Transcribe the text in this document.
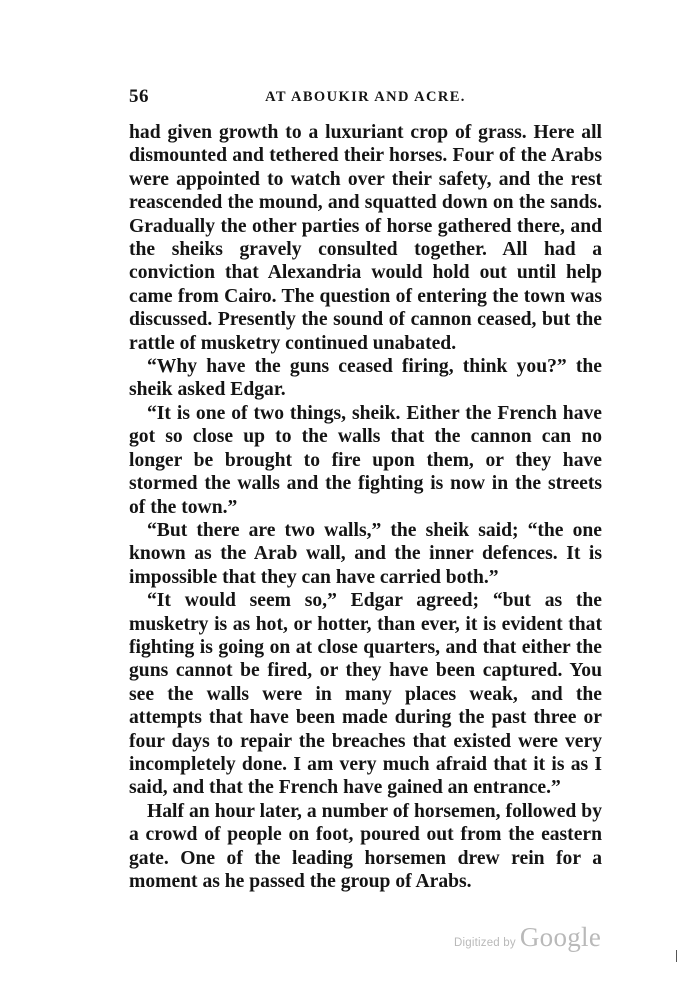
56	AT ABOUKIR AND ACRE.

had given growth to a luxuriant crop of grass. Here all dismounted and tethered their horses. Four of the Arabs were appointed to watch over their safety, and the rest reascended the mound, and squatted down on the sands. Gradually the other parties of horse gathered there, and the sheiks gravely consulted together. All had a conviction that Alexandria would hold out until help came from Cairo. The question of entering the town was discussed. Presently the sound of cannon ceased, but the rattle of musketry continued unabated.

“Why have the guns ceased firing, think you?” the sheik asked Edgar.

“It is one of two things, sheik. Either the French have got so close up to the walls that the cannon can no longer be brought to fire upon them, or they have stormed the walls and the fighting is now in the streets of the town.”

“But there are two walls,” the sheik said; “the one known as the Arab wall, and the inner defences. It is impossible that they can have carried both.”

“It would seem so,” Edgar agreed; “but as the musketry is as hot, or hotter, than ever, it is evident that fighting is going on at close quarters, and that either the guns cannot be fired, or they have been captured. You see the walls were in many places weak, and the attempts that have been made during the past three or four days to repair the breaches that existed were very incompletely done. I am very much afraid that it is as I said, and that the French have gained an entrance.”

Half an hour later, a number of horsemen, followed by a crowd of people on foot, poured out from the eastern gate. One of the leading horsemen drew rein for a moment as he passed the group of Arabs.

Digitized by Google
